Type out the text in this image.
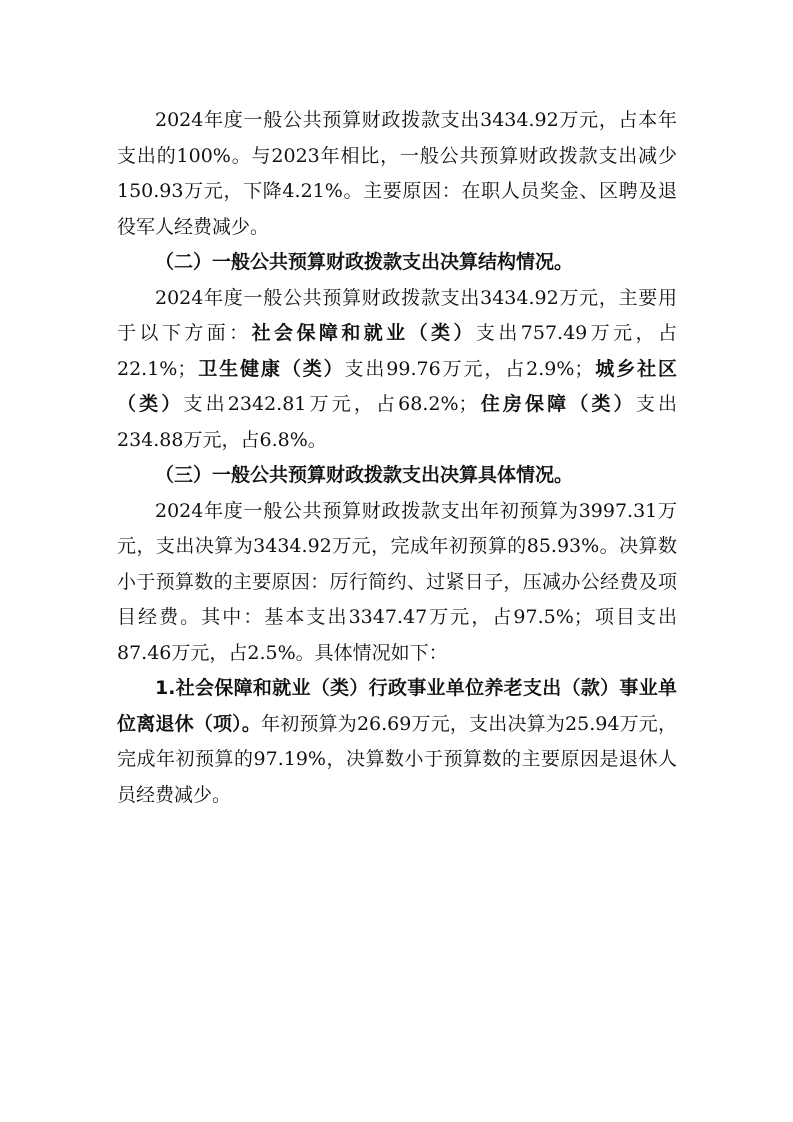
2024年度一般公共预算财政拨款支出3434.92万元，占本年支出的100%。与2023年相比，一般公共预算财政拨款支出减少150.93万元，下降4.21%。主要原因：在职人员奖金、区聘及退役军人经费减少。

（二）一般公共预算财政拨款支出决算结构情况。

2024年度一般公共预算财政拨款支出3434.92万元，主要用于以下方面：社会保障和就业（类）支出757.49万元，占22.1%；卫生健康（类）支出99.76万元，占2.9%；城乡社区（类）支出2342.81万元，占68.2%；住房保障（类）支出234.88万元，占6.8%。

（三）一般公共预算财政拨款支出决算具体情况。

2024年度一般公共预算财政拨款支出年初预算为3997.31万元，支出决算为3434.92万元，完成年初预算的85.93%。决算数小于预算数的主要原因：厉行简约、过紧日子，压减办公经费及项目经费。其中：基本支出3347.47万元，占97.5%；项目支出87.46万元，占2.5%。具体情况如下：

1.社会保障和就业（类）行政事业单位养老支出（款）事业单位离退休（项）。年初预算为26.69万元，支出决算为25.94万元，完成年初预算的97.19%，决算数小于预算数的主要原因是退休人员经费减少。
